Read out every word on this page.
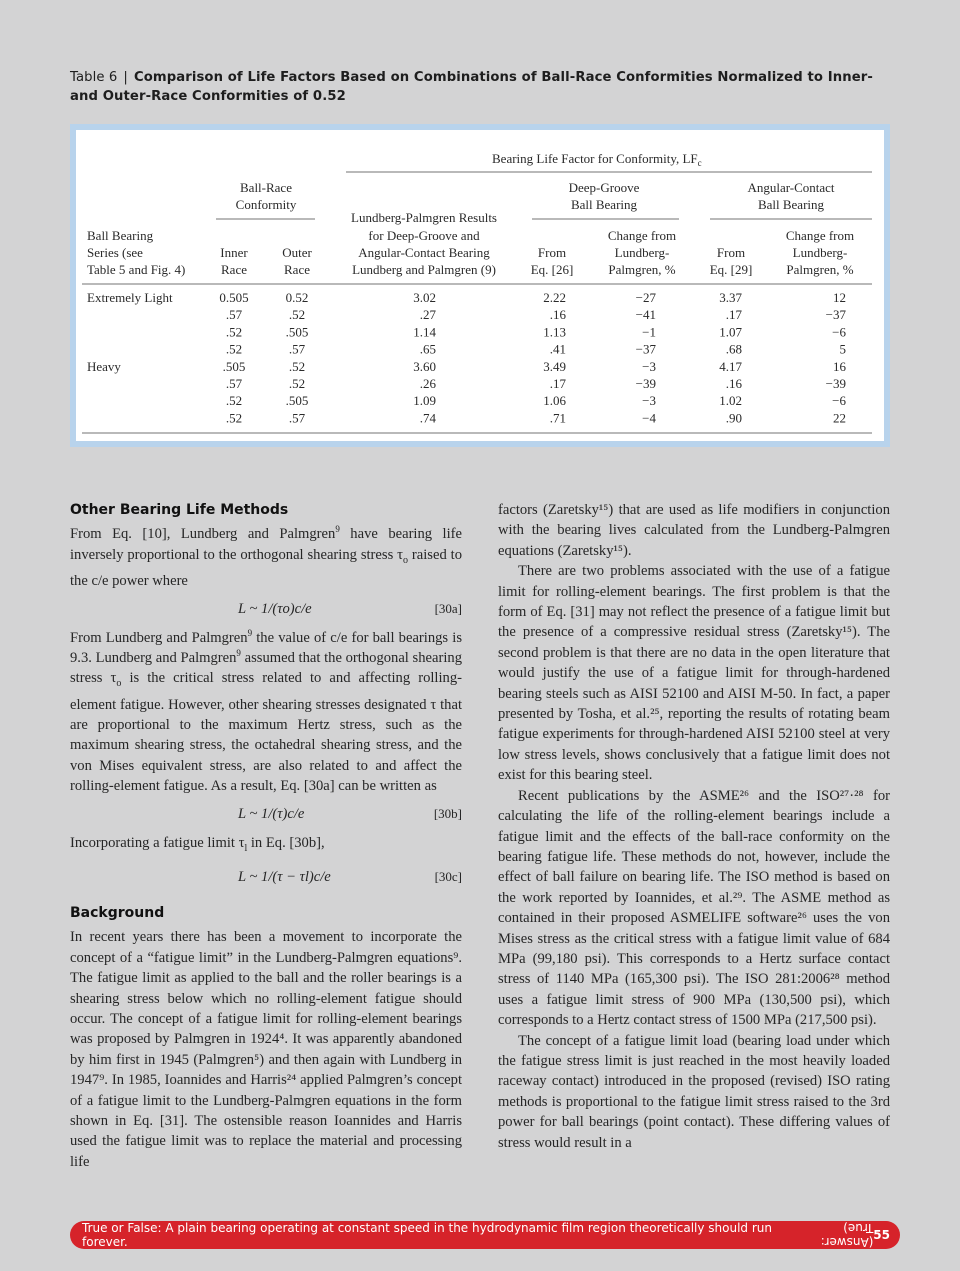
Table 6 | Comparison of Life Factors Based on Combinations of Ball-Race Conformities Normalized to Inner- and Outer-Race Conformities of 0.52
Bearing Life Factor for Conformity, $LF_c$
Ball-Race
Conformity
Deep-Groove
Ball Bearing
Angular-Contact
Ball Bearing
Lundberg-Palmgren Results
for Deep-Groove and
Angular-Contact Bearing
Lundberg and Palmgren (9)
Ball Bearing
Series (see
Table 5 and Fig. 4)
Inner
Race
Outer
Race
From
Eq. [26]
Change from
Lundberg-
Palmgren, %
From
Eq. [29]
Change from
Lundberg-
Palmgren, %
Extremely Light	0.505	0.52	3.02	2.22	−27	3.37	12
.57	.52	.27	.16	−41	.17	−37
.52	.505	1.14	1.13	−1	1.07	−6
.52	.57	.65	.41	−37	.68	5
Heavy	.505	.52	3.60	3.49	−3	4.17	16
.57	.52	.26	.17	−39	.16	−39
.52	.505	1.09	1.06	−3	1.02	−6
.52	.57	.74	.71	−4	.90	22
Other Bearing Life Methods

From Eq. [10], Lundberg and Palmgren$^9$ have bearing life inversely proportional to the orthogonal shearing stress $\tau_o$ raised to the c/e power where

L ~ 1/(τo)c/e	[30a]

From Lundberg and Palmgren$^9$ the value of c/e for ball bearings is 9.3. Lundberg and Palmgren$^9$ assumed that the orthogonal shearing stress $\tau_o$ is the critical stress related to and affecting rolling-element fatigue. However, other shearing stresses designated τ that are proportional to the maximum Hertz stress, such as the maximum shearing stress, the octahedral shearing stress, and the von Mises equivalent stress, are also related to and affect the rolling-element fatigue. As a result, Eq. [30a] can be written as

L ~ 1/(τ)c/e	[30b]

Incorporating a fatigue limit $\tau_l$ in Eq. [30b],

L ~ 1/(τ − τl)c/e	[30c]
Background

In recent years there has been a movement to incorporate the concept of a “fatigue limit” in the Lundberg-Palmgren equations⁹. The fatigue limit as applied to the ball and the roller bearings is a shearing stress below which no rolling-element fatigue should occur. The concept of a fatigue limit for rolling-element bearings was proposed by Palmgren in 1924⁴. It was apparently abandoned by him first in 1945 (Palmgren⁵) and then again with Lundberg in 1947⁹. In 1985, Ioannides and Harris²⁴ applied Palmgren’s concept of a fatigue limit to the Lundberg-Palmgren equations in the form shown in Eq. [31]. The ostensible reason Ioannides and Harris used the fatigue limit was to replace the material and processing life

factors (Zaretsky¹⁵) that are used as life modifiers in conjunction with the bearing lives calculated from the Lundberg-Palmgren equations (Zaretsky¹⁵).

There are two problems associated with the use of a fatigue limit for rolling-element bearings. The first problem is that the form of Eq. [31] may not reflect the presence of a fatigue limit but the presence of a compressive residual stress (Zaretsky¹⁵). The second problem is that there are no data in the open literature that would justify the use of a fatigue limit for through-hardened bearing steels such as AISI 52100 and AISI M-50. In fact, a paper presented by Tosha, et al.²⁵, reporting the results of rotating beam fatigue experiments for through-hardened AISI 52100 steel at very low stress levels, shows conclusively that a fatigue limit does not exist for this bearing steel.

Recent publications by the ASME²⁶ and the ISO²⁷·²⁸ for calculating the life of the rolling-element bearings include a fatigue limit and the effects of the ball-race conformity on the bearing fatigue life. These methods do not, however, include the effect of ball failure on bearing life. The ISO method is based on the work reported by Ioannides, et al.²⁹. The ASME method as contained in their proposed ASMELIFE software²⁶ uses the von Mises stress as the critical stress with a fatigue limit value of 684 MPa (99,180 psi). This corresponds to a Hertz surface contact stress of 1140 MPa (165,300 psi). The ISO 281:2006²⁸ method uses a fatigue limit stress of 900 MPa (130,500 psi), which corresponds to a Hertz contact stress of 1500 MPa (217,500 psi).

The concept of a fatigue limit load (bearing load under which the fatigue stress limit is just reached in the most heavily loaded raceway contact) introduced in the proposed (revised) ISO rating methods is proportional to the fatigue limit stress raised to the 3rd power for ball bearings (point contact). These differing values of stress would result in a

True or False: A plain bearing operating at constant speed in the hydrodynamic film region theoretically should run forever.	(Answer: True) 55
